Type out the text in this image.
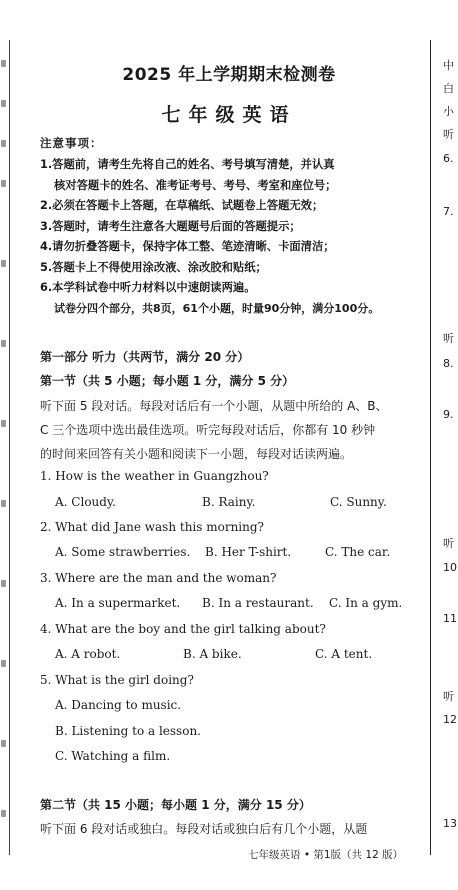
2025 年上学期期末检测卷
七年级英语
注意事项：
1.答题前，请考生先将自己的姓名、考号填写清楚，并认真
核对答题卡的姓名、准考证考号、考号、考室和座位号；
2.必须在答题卡上答题，在草稿纸、试题卷上答题无效；
3.答题时，请考生注意各大题题号后面的答题提示；
4.请勿折叠答题卡，保持字体工整、笔迹清晰、卡面清洁；
5.答题卡上不得使用涂改液、涂改胶和贴纸；
6.本学科试卷中听力材料以中速朗读两遍。
试卷分四个部分，共8页，61个小题，时量90分钟，满分100分。
第一部分 听力（共两节，满分 20 分）
第一节（共 5 小题；每小题 1 分，满分 5 分）
听下面 5 段对话。每段对话后有一个小题，从题中所给的 A、B、
C 三个选项中选出最佳选项。听完每段对话后，你都有 10 秒钟
的时间来回答有关小题和阅读下一小题，每段对话读两遍。
1. How is the weather in Guangzhou?
A. Cloudy.	B. Rainy.	C. Sunny.
2. What did Jane wash this morning?
A. Some strawberries. B. Her T-shirt.	C. The car.
3. Where are the man and the woman?
A. In a supermarket. B. In a restaurant. C. In a gym.
4. What are the boy and the girl talking about?
A. A robot.	B. A bike.	C. A tent.
5. What is the girl doing?
A. Dancing to music.
B. Listening to a lesson.
C. Watching a film.
第二节（共 15 小题；每小题 1 分，满分 15 分）
听下面 6 段对话或独白。每段对话或独白后有几个小题，从题
中
白
小
听
6.
7.
听
8.
9.
听
10
11
听
12
13
七年级英语 • 第1版（共 12 版）
